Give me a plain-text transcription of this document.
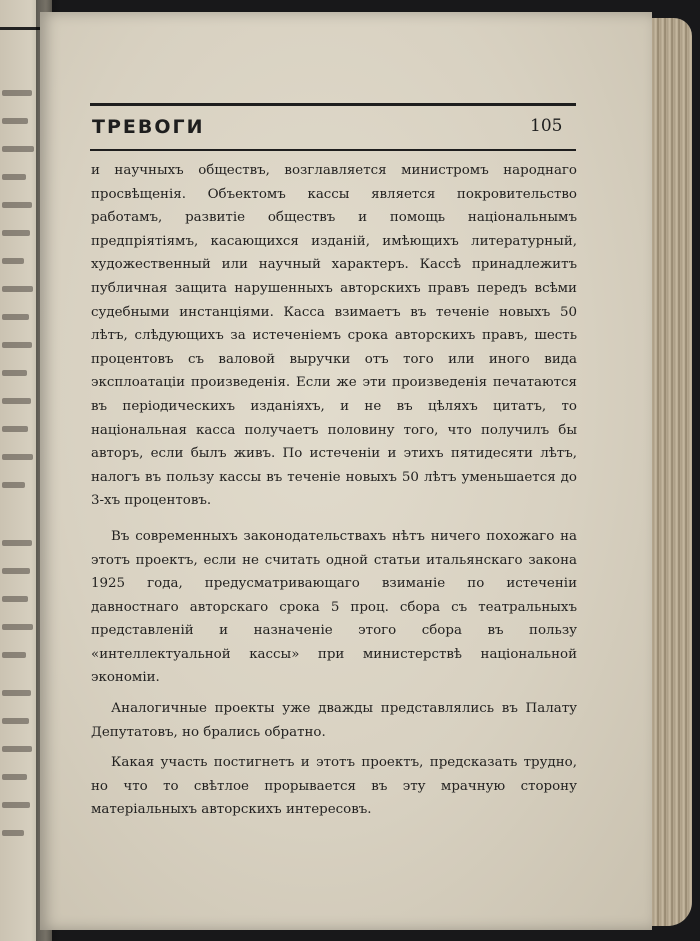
ТРЕВОГИ	105

и научныхъ обществъ, возглавляется министромъ народнаго просвѣщенія. Объектомъ кассы является покровительство работамъ, развитіе обществъ и помощь національнымъ предпріятіямъ, касающихся изданій, имѣющихъ литературный, художественный или научный характеръ. Кассѣ принадлежитъ публичная защита нарушенныхъ авторскихъ правъ передъ всѣми судебными инстанціями. Касса взимаетъ въ теченіе новыхъ 50 лѣтъ, слѣдующихъ за истеченіемъ срока авторскихъ правъ, шесть процентовъ съ валовой выручки отъ того или иного вида эксплоатаціи произведенія. Если же эти произведенія печатаются въ періодическихъ изданіяхъ, и не въ цѣляхъ цитатъ, то національная касса получаетъ половину того, что получилъ бы авторъ, если былъ живъ. По истеченіи и этихъ пятидесяти лѣтъ, налогъ въ пользу кассы въ теченіе новыхъ 50 лѣтъ уменьшается до 3-хъ процентовъ.

Въ современныхъ законодательствахъ нѣтъ ничего похожаго на этотъ проектъ, если не считать одной статьи итальянскаго закона 1925 года, предусматривающаго взиманіе по истеченіи давностнаго авторскаго срока 5 проц. сбора съ театральныхъ представленій и назначеніе этого сбора въ пользу «интеллектуальной кассы» при министерствѣ національной экономіи.

Аналогичные проекты уже дважды представлялись въ Палату Депутатовъ, но брались обратно.

Какая участь постигнетъ и этотъ проектъ, предсказать трудно, но что то свѣтлое прорывается въ эту мрачную сторону матеріальныхъ авторскихъ интересовъ.
